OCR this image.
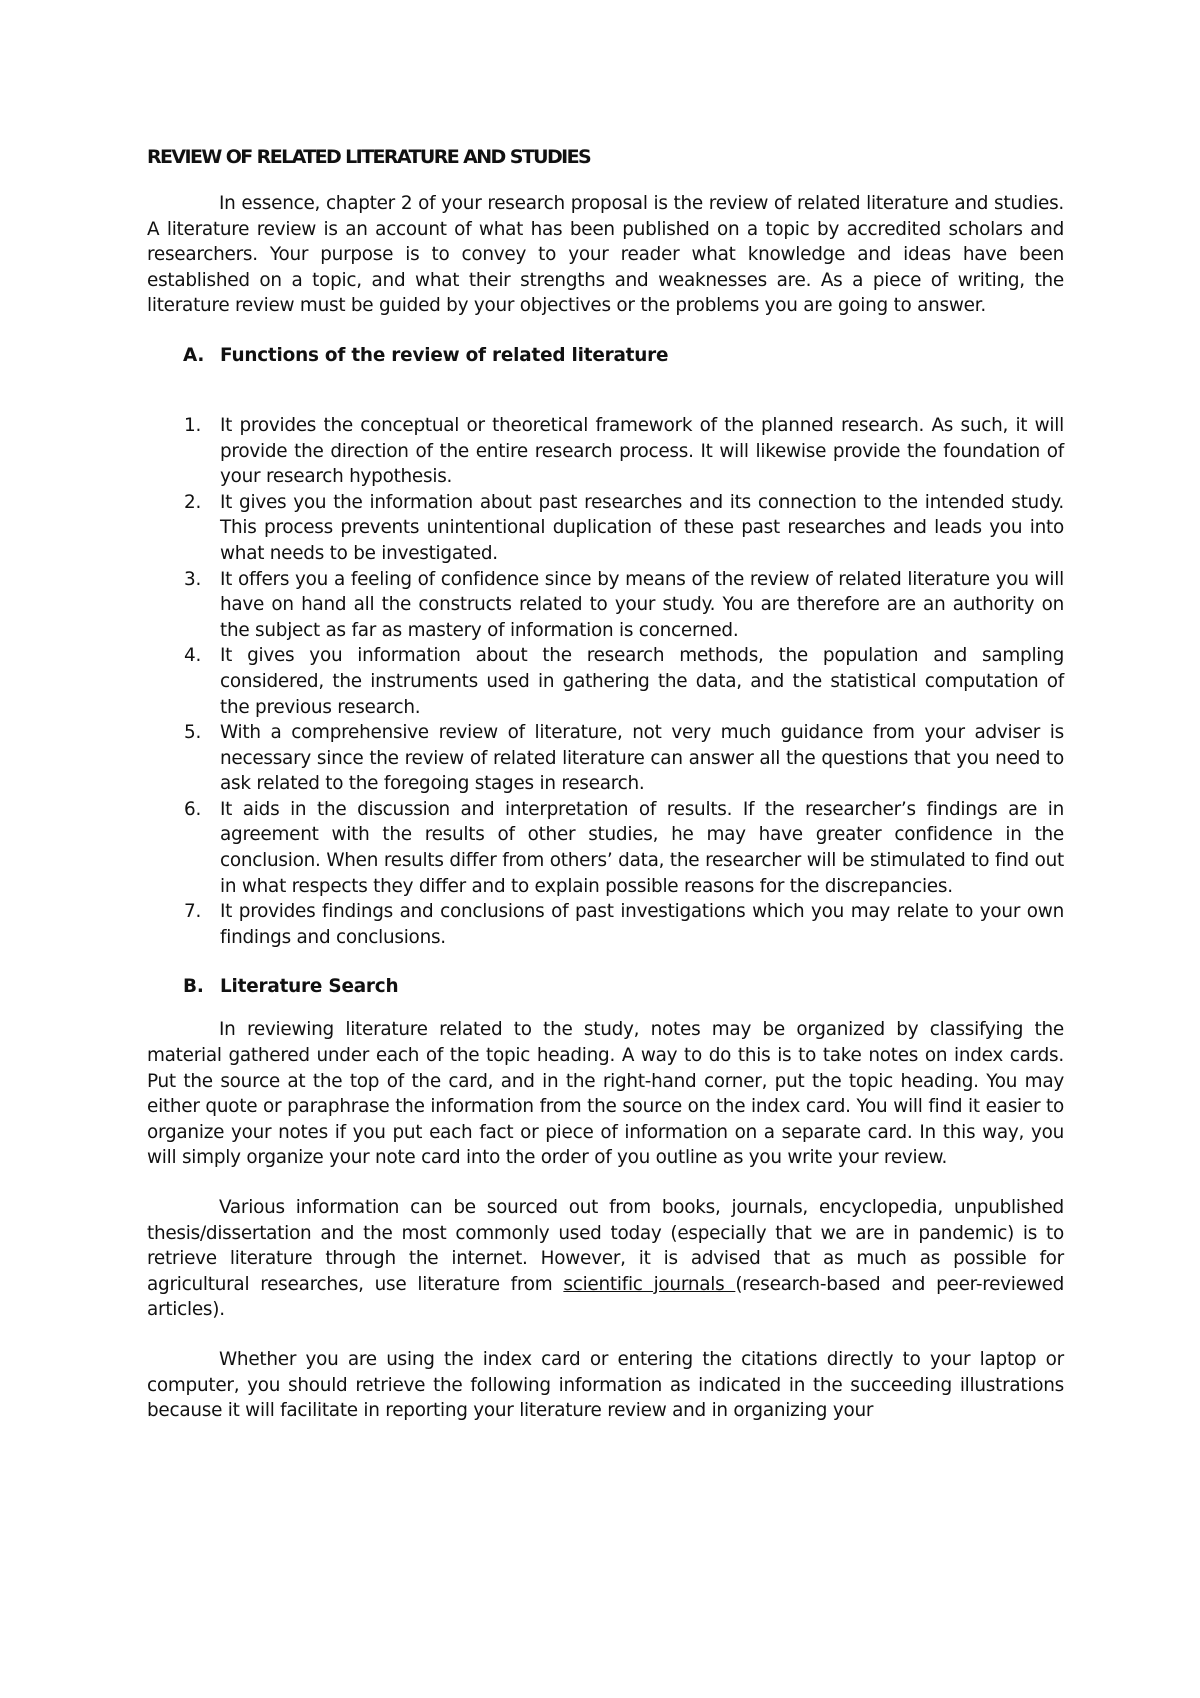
REVIEW OF RELATED LITERATURE AND STUDIES

In essence, chapter 2 of your research proposal is the review of related literature and studies. A literature review is an account of what has been published on a topic by accredited scholars and researchers. Your purpose is to convey to your reader what knowledge and ideas have been established on a topic, and what their strengths and weaknesses are. As a piece of writing, the literature review must be guided by your objectives or the problems you are going to answer.

A. Functions of the review of related literature
1.	It provides the conceptual or theoretical framework of the planned research. As such, it will provide the direction of the entire research process. It will likewise provide the foundation of your research hypothesis.
2.	It gives you the information about past researches and its connection to the intended study. This process prevents unintentional duplication of these past researches and leads you into what needs to be investigated.
3.	It offers you a feeling of confidence since by means of the review of related literature you will have on hand all the constructs related to your study. You are therefore are an authority on the subject as far as mastery of information is concerned.
4.	It gives you information about the research methods, the population and sampling considered, the instruments used in gathering the data, and the statistical computation of the previous research.
5.	With a comprehensive review of literature, not very much guidance from your adviser is necessary since the review of related literature can answer all the questions that you need to ask related to the foregoing stages in research.
6.	It aids in the discussion and interpretation of results. If the researcher’s findings are in agreement with the results of other studies, he may have greater confidence in the conclusion. When results differ from others’ data, the researcher will be stimulated to find out in what respects they differ and to explain possible reasons for the discrepancies.
7.	It provides findings and conclusions of past investigations which you may relate to your own findings and conclusions.
B. Literature Search

In reviewing literature related to the study, notes may be organized by classifying the material gathered under each of the topic heading. A way to do this is to take notes on index cards. Put the source at the top of the card, and in the right-hand corner, put the topic heading. You may either quote or paraphrase the information from the source on the index card. You will find it easier to organize your notes if you put each fact or piece of information on a separate card. In this way, you will simply organize your note card into the order of you outline as you write your review.

Various information can be sourced out from books, journals, encyclopedia, unpublished thesis/dissertation and the most commonly used today (especially that we are in pandemic) is to retrieve literature through the internet. However, it is advised that as much as possible for agricultural researches, use literature from scientific journals (research-based and peer-reviewed articles).

Whether you are using the index card or entering the citations directly to your laptop or computer, you should retrieve the following information as indicated in the succeeding illustrations because it will facilitate in reporting your literature review and in organizing your
